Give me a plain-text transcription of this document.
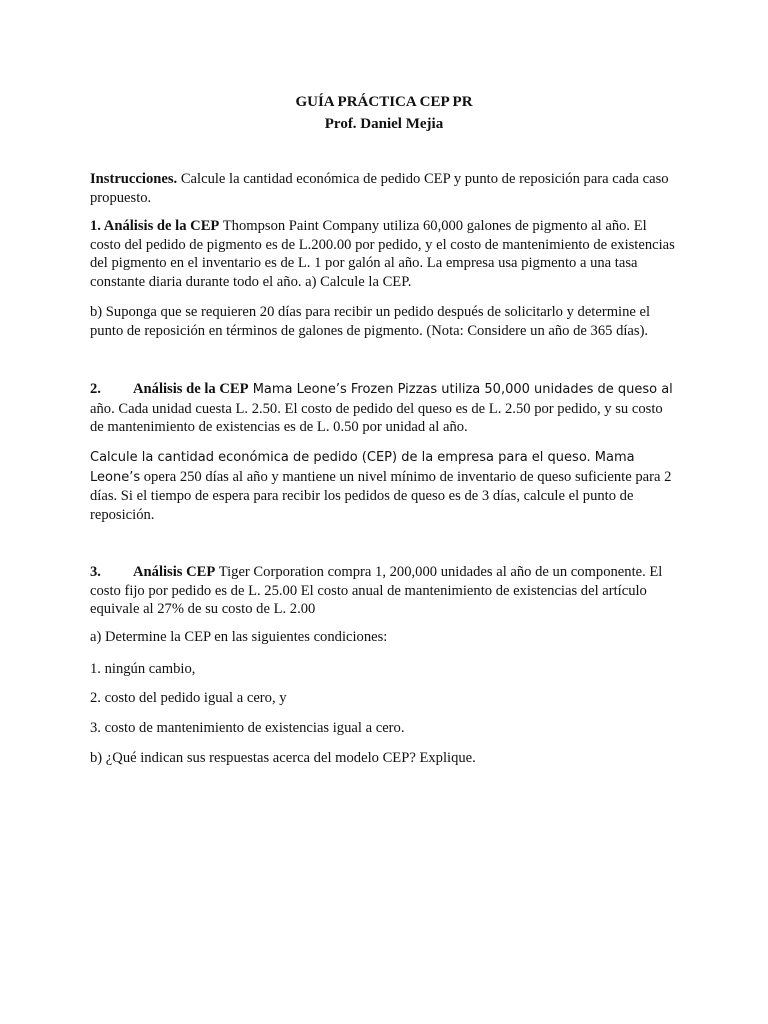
GUÍA PRÁCTICA CEP PR
Prof. Daniel Mejia
Instrucciones. Calcule la cantidad económica de pedido CEP y punto de reposición para cada caso propuesto.
1. Análisis de la CEP Thompson Paint Company utiliza 60,000 galones de pigmento al año. El costo del pedido de pigmento es de L.200.00 por pedido, y el costo de mantenimiento de existencias del pigmento en el inventario es de L. 1 por galón al año. La empresa usa pigmento a una tasa constante diaria durante todo el año. a) Calcule la CEP.
b) Suponga que se requieren 20 días para recibir un pedido después de solicitarlo y determine el punto de reposición en términos de galones de pigmento. (Nota: Considere un año de 365 días).
2. Análisis de la CEP Mama Leone’s Frozen Pizzas utiliza 50,000 unidades de queso al año. Cada unidad cuesta L. 2.50. El costo de pedido del queso es de L. 2.50 por pedido, y su costo de mantenimiento de existencias es de L. 0.50 por unidad al año.
Calcule la cantidad económica de pedido (CEP) de la empresa para el queso. Mama Leone’s opera 250 días al año y mantiene un nivel mínimo de inventario de queso suficiente para 2 días. Si el tiempo de espera para recibir los pedidos de queso es de 3 días, calcule el punto de reposición.
3. Análisis CEP Tiger Corporation compra 1, 200,000 unidades al año de un componente. El costo fijo por pedido es de L. 25.00 El costo anual de mantenimiento de existencias del artículo equivale al 27% de su costo de L. 2.00
a) Determine la CEP en las siguientes condiciones:
1. ningún cambio,
2. costo del pedido igual a cero, y
3. costo de mantenimiento de existencias igual a cero.
b) ¿Qué indican sus respuestas acerca del modelo CEP? Explique.
